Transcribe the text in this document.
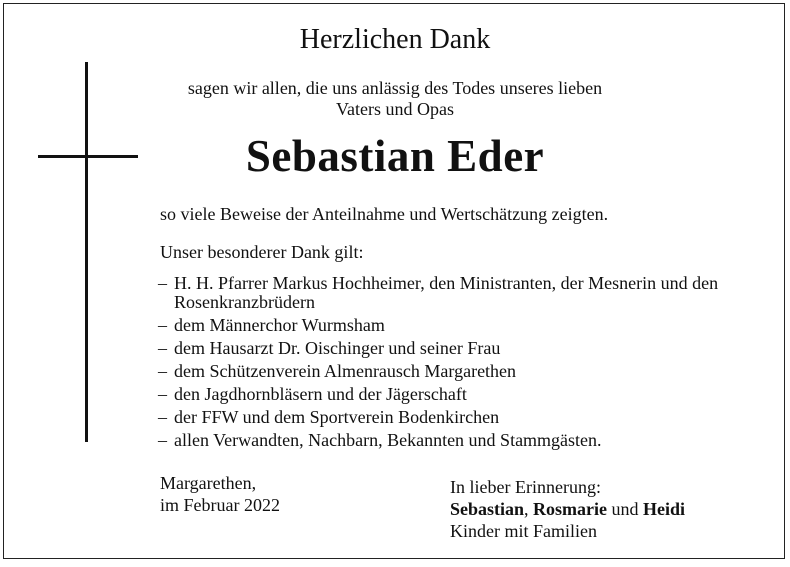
Herzlichen Dank
sagen wir allen, die uns anlässig des Todes unseres lieben
Vaters und Opas
Sebastian Eder
so viele Beweise der Anteilnahme und Wertschätzung zeigten.
Unser besonderer Dank gilt:
– H. H. Pfarrer Markus Hochheimer, den Ministranten, der Mesnerin und den Rosenkranzbrüdern
– dem Männerchor Wurmsham
– dem Hausarzt Dr. Oischinger und seiner Frau
– dem Schützenverein Almenrausch Margarethen
– den Jagdhornbläsern und der Jägerschaft
– der FFW und dem Sportverein Bodenkirchen
– allen Verwandten, Nachbarn, Bekannten und Stammgästen.
Margarethen,
im Februar 2022
In lieber Erinnerung:
Sebastian, Rosmarie und Heidi
Kinder mit Familien
